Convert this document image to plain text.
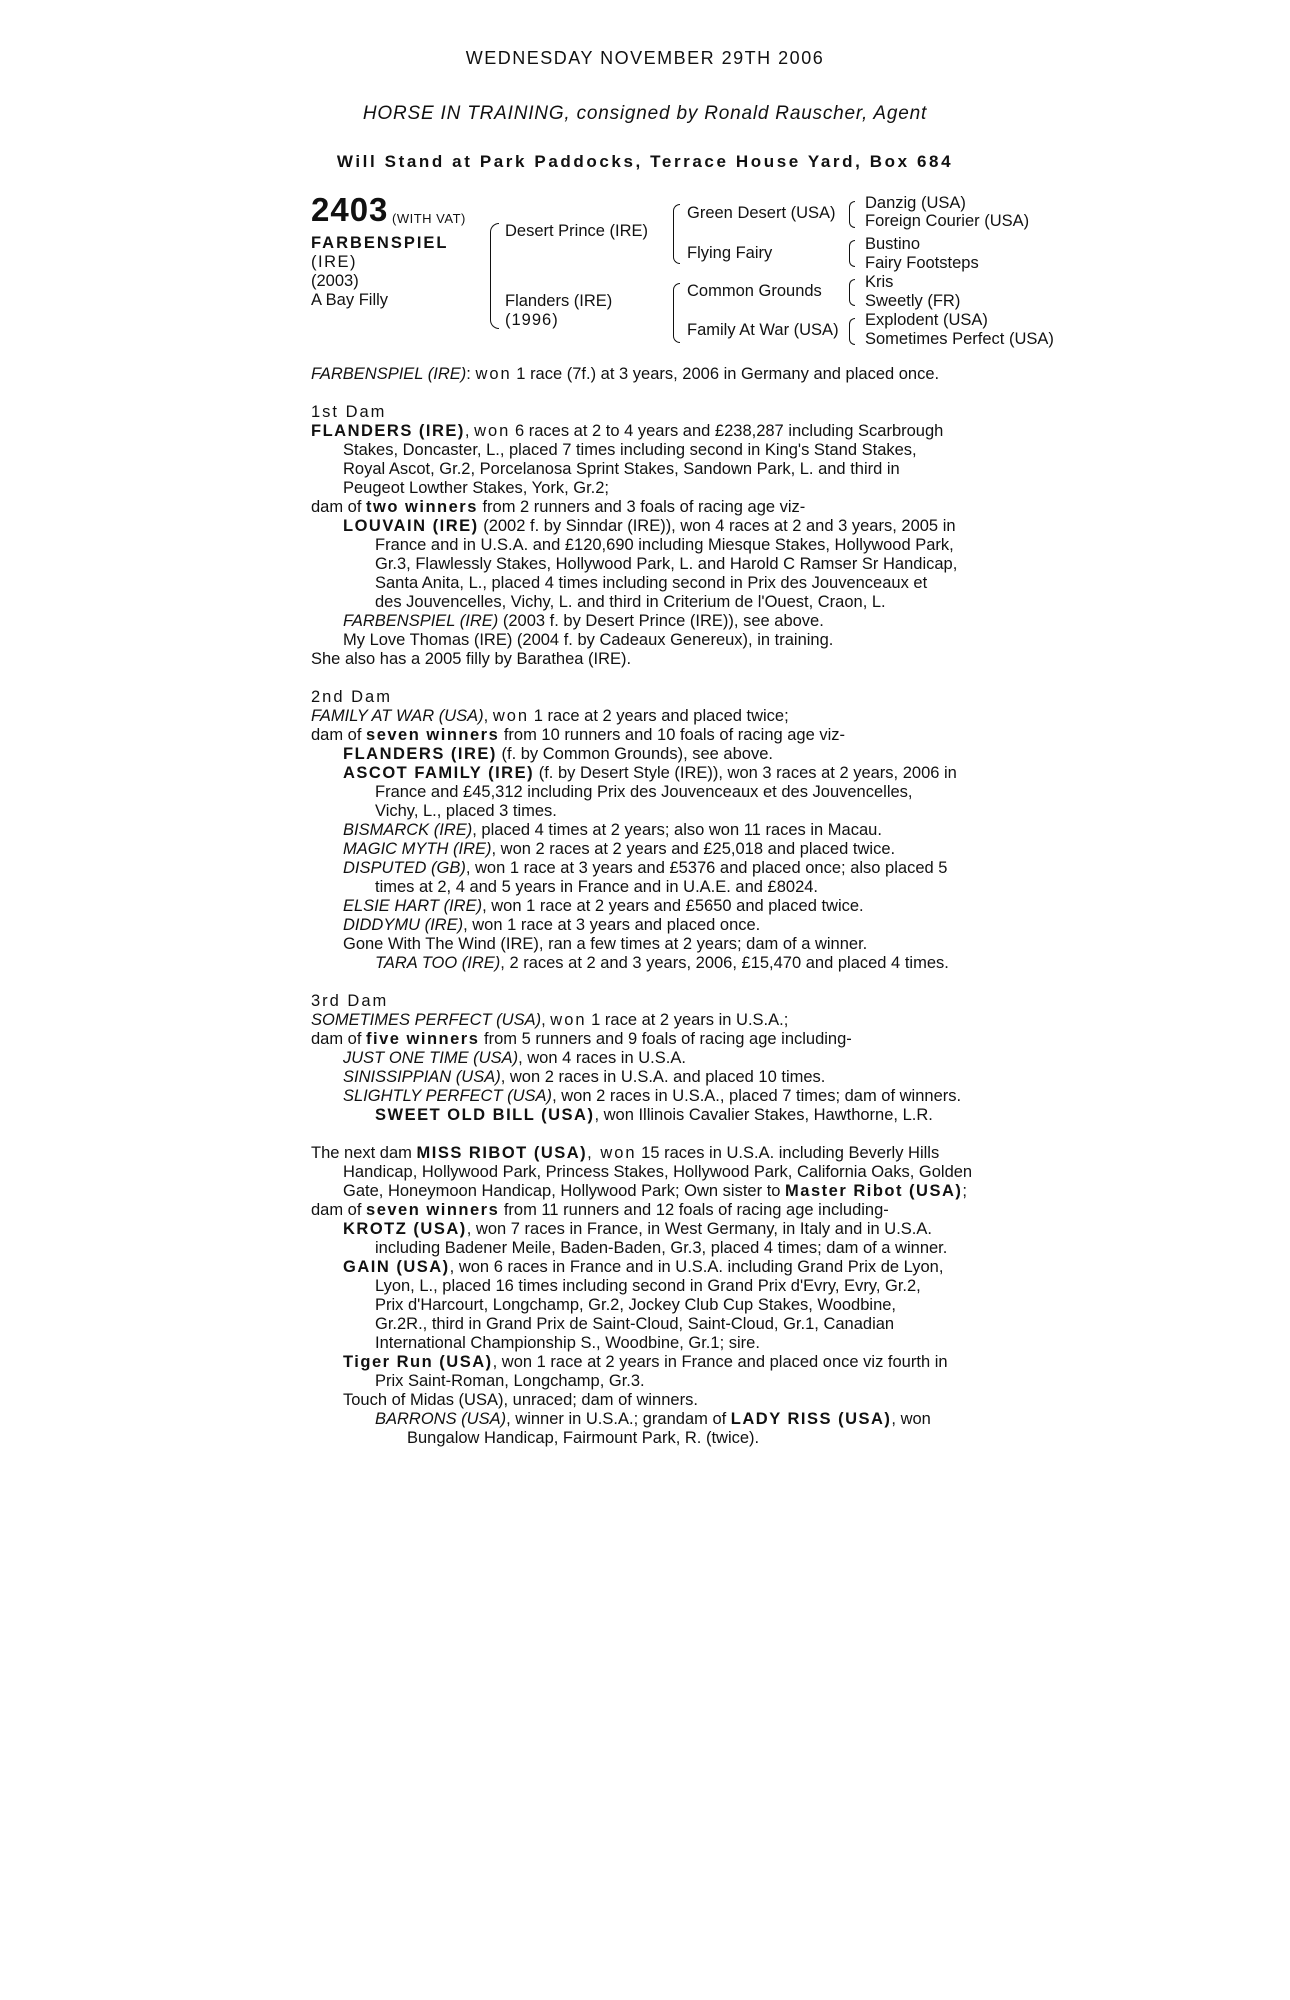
WEDNESDAY NOVEMBER 29TH 2006
HORSE IN TRAINING, consigned by Ronald Rauscher, Agent
Will Stand at Park Paddocks, Terrace House Yard, Box 684
2403 (WITH VAT)
FARBENSPIEL
(IRE)
(2003)
A Bay Filly
Desert Prince (IRE)
Flanders (IRE)
(1996)
Green Desert (USA)
Flying Fairy
Common Grounds
Family At War (USA)
Danzig (USA)
Foreign Courier (USA)
Bustino
Fairy Footsteps
Kris
Sweetly (FR)
Explodent (USA)
Sometimes Perfect (USA)
FARBENSPIEL (IRE): won 1 race (7f.) at 3 years, 2006 in Germany and placed once.
1st Dam
FLANDERS (IRE), won 6 races at 2 to 4 years and £238,287 including Scarbrough
Stakes, Doncaster, L., placed 7 times including second in King's Stand Stakes,
Royal Ascot, Gr.2, Porcelanosa Sprint Stakes, Sandown Park, L. and third in
Peugeot Lowther Stakes, York, Gr.2;
dam of two winners from 2 runners and 3 foals of racing age viz-
LOUVAIN (IRE) (2002 f. by Sinndar (IRE)), won 4 races at 2 and 3 years, 2005 in
France and in U.S.A. and £120,690 including Miesque Stakes, Hollywood Park,
Gr.3, Flawlessly Stakes, Hollywood Park, L. and Harold C Ramser Sr Handicap,
Santa Anita, L., placed 4 times including second in Prix des Jouvenceaux et
des Jouvencelles, Vichy, L. and third in Criterium de l'Ouest, Craon, L.
FARBENSPIEL (IRE) (2003 f. by Desert Prince (IRE)), see above.
My Love Thomas (IRE) (2004 f. by Cadeaux Genereux), in training.
She also has a 2005 filly by Barathea (IRE).
2nd Dam
FAMILY AT WAR (USA), won 1 race at 2 years and placed twice;
dam of seven winners from 10 runners and 10 foals of racing age viz-
FLANDERS (IRE) (f. by Common Grounds), see above.
ASCOT FAMILY (IRE) (f. by Desert Style (IRE)), won 3 races at 2 years, 2006 in
France and £45,312 including Prix des Jouvenceaux et des Jouvencelles,
Vichy, L., placed 3 times.
BISMARCK (IRE), placed 4 times at 2 years; also won 11 races in Macau.
MAGIC MYTH (IRE), won 2 races at 2 years and £25,018 and placed twice.
DISPUTED (GB), won 1 race at 3 years and £5376 and placed once; also placed 5
times at 2, 4 and 5 years in France and in U.A.E. and £8024.
ELSIE HART (IRE), won 1 race at 2 years and £5650 and placed twice.
DIDDYMU (IRE), won 1 race at 3 years and placed once.
Gone With The Wind (IRE), ran a few times at 2 years; dam of a winner.
TARA TOO (IRE), 2 races at 2 and 3 years, 2006, £15,470 and placed 4 times.
3rd Dam
SOMETIMES PERFECT (USA), won 1 race at 2 years in U.S.A.;
dam of five winners from 5 runners and 9 foals of racing age including-
JUST ONE TIME (USA), won 4 races in U.S.A.
SINISSIPPIAN (USA), won 2 races in U.S.A. and placed 10 times.
SLIGHTLY PERFECT (USA), won 2 races in U.S.A., placed 7 times; dam of winners.
SWEET OLD BILL (USA), won Illinois Cavalier Stakes, Hawthorne, L.R.
The next dam MISS RIBOT (USA), won 15 races in U.S.A. including Beverly Hills
Handicap, Hollywood Park, Princess Stakes, Hollywood Park, California Oaks, Golden
Gate, Honeymoon Handicap, Hollywood Park; Own sister to Master Ribot (USA);
dam of seven winners from 11 runners and 12 foals of racing age including-
KROTZ (USA), won 7 races in France, in West Germany, in Italy and in U.S.A.
including Badener Meile, Baden-Baden, Gr.3, placed 4 times; dam of a winner.
GAIN (USA), won 6 races in France and in U.S.A. including Grand Prix de Lyon,
Lyon, L., placed 16 times including second in Grand Prix d'Evry, Evry, Gr.2,
Prix d'Harcourt, Longchamp, Gr.2, Jockey Club Cup Stakes, Woodbine,
Gr.2R., third in Grand Prix de Saint-Cloud, Saint-Cloud, Gr.1, Canadian
International Championship S., Woodbine, Gr.1; sire.
Tiger Run (USA), won 1 race at 2 years in France and placed once viz fourth in
Prix Saint-Roman, Longchamp, Gr.3.
Touch of Midas (USA), unraced; dam of winners.
BARRONS (USA), winner in U.S.A.; grandam of LADY RISS (USA), won
Bungalow Handicap, Fairmount Park, R. (twice).
